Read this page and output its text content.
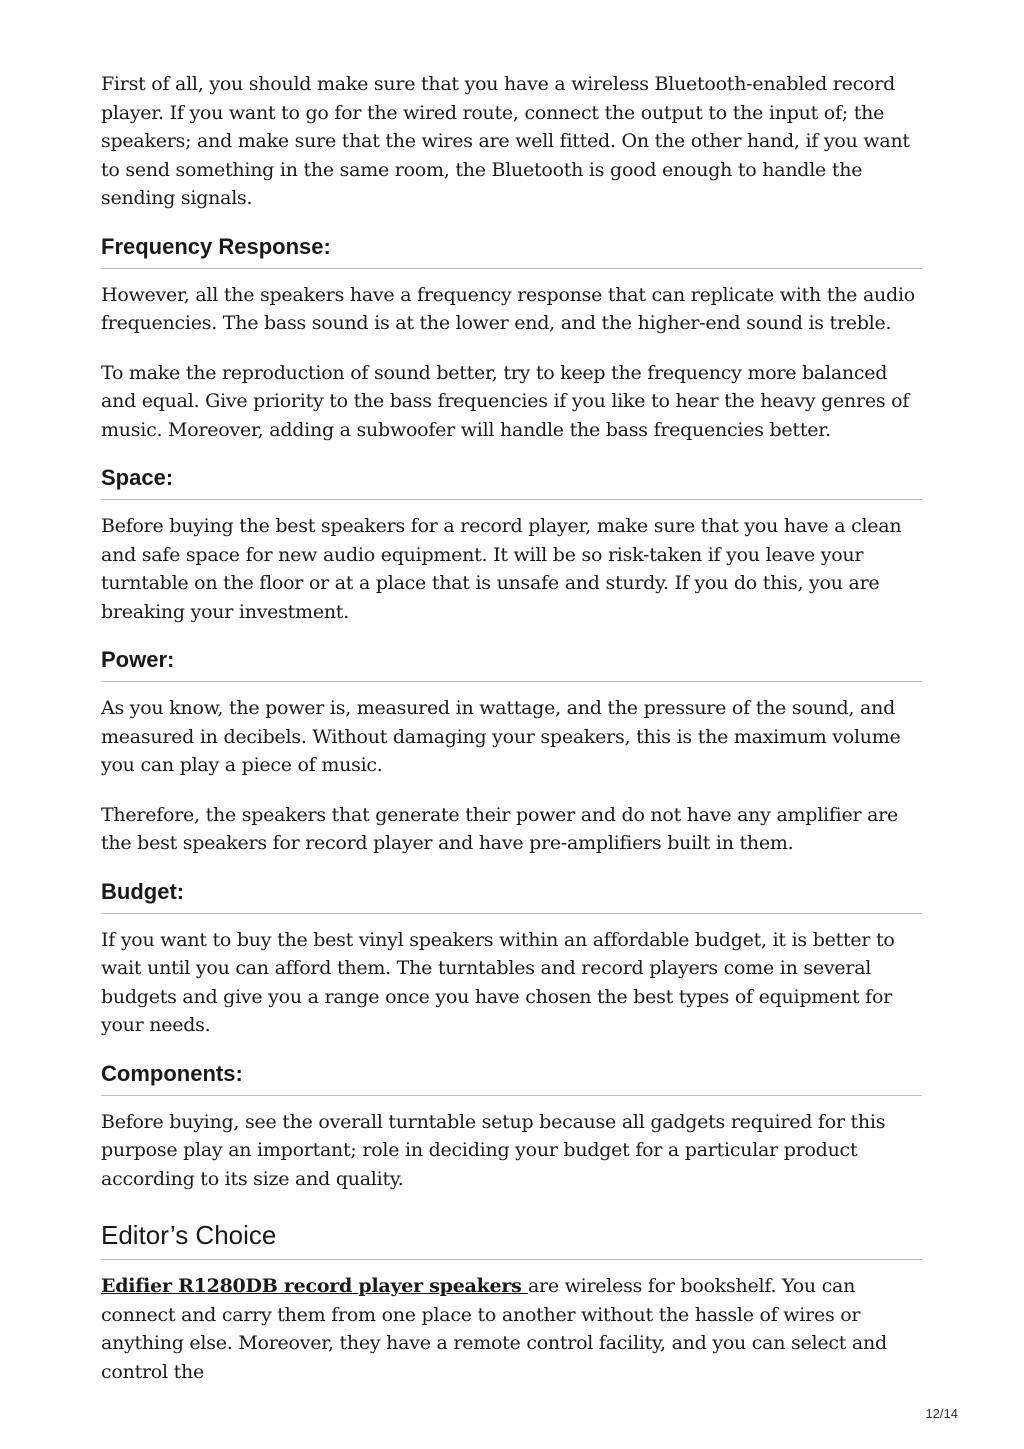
First of all, you should make sure that you have a wireless Bluetooth-enabled record player. If you want to go for the wired route, connect the output to the input of; the speakers; and make sure that the wires are well fitted. On the other hand, if you want to send something in the same room, the Bluetooth is good enough to handle the sending signals.

Frequency Response:

However, all the speakers have a frequency response that can replicate with the audio frequencies. The bass sound is at the lower end, and the higher-end sound is treble.

To make the reproduction of sound better, try to keep the frequency more balanced and equal. Give priority to the bass frequencies if you like to hear the heavy genres of music. Moreover, adding a subwoofer will handle the bass frequencies better.

Space:

Before buying the best speakers for a record player, make sure that you have a clean and safe space for new audio equipment. It will be so risk-taken if you leave your turntable on the floor or at a place that is unsafe and sturdy. If you do this, you are breaking your investment.

Power:

As you know, the power is, measured in wattage, and the pressure of the sound, and measured in decibels. Without damaging your speakers, this is the maximum volume you can play a piece of music.

Therefore, the speakers that generate their power and do not have any amplifier are the best speakers for record player and have pre-amplifiers built in them.

Budget:

If you want to buy the best vinyl speakers within an affordable budget, it is better to wait until you can afford them. The turntables and record players come in several budgets and give you a range once you have chosen the best types of equipment for your needs.

Components:

Before buying, see the overall turntable setup because all gadgets required for this purpose play an important; role in deciding your budget for a particular product according to its size and quality.

Editor’s Choice

Edifier R1280DB record player speakers are wireless for bookshelf. You can connect and carry them from one place to another without the hassle of wires or anything else. Moreover, they have a remote control facility, and you can select and control the

12/14
